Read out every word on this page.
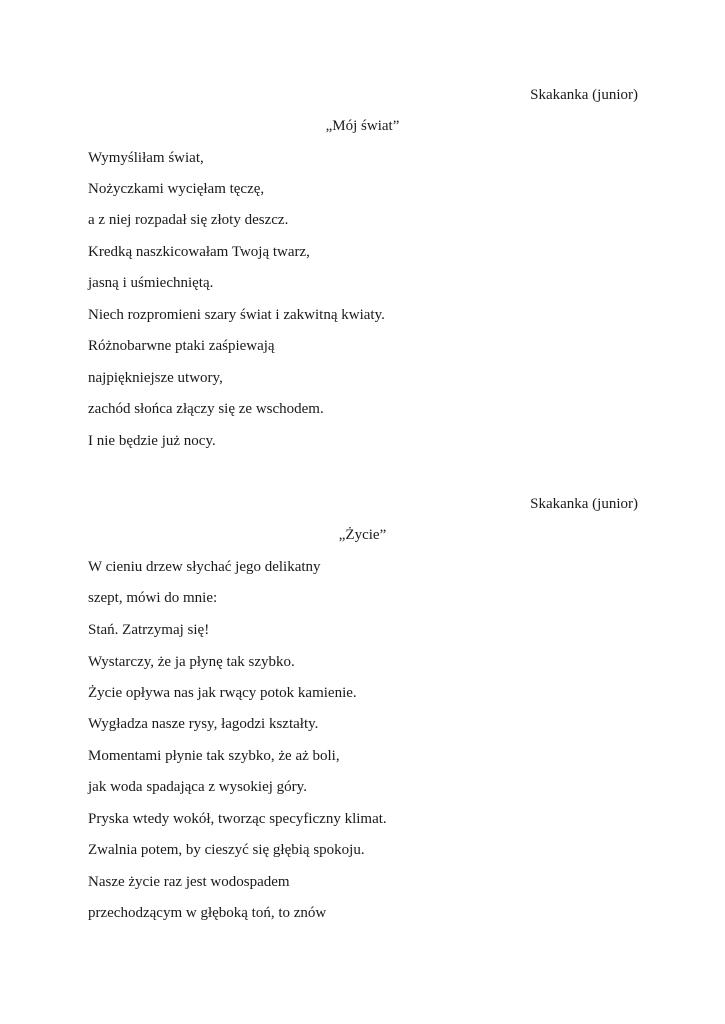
Skakanka (junior)
„Mój świat”
Wymyśliłam świat,
Nożyczkami wycięłam tęczę,
a z niej rozpadał się złoty deszcz.
Kredką naszkicowałam Twoją twarz,
jasną i uśmiechniętą.
Niech rozpromieni szary świat i zakwitną kwiaty.
Różnobarwne ptaki zaśpiewają
najpiękniejsze utwory,
zachód słońca złączy się ze wschodem.
I nie będzie już nocy.
Skakanka (junior)
„Życie”
W cieniu drzew słychać jego delikatny
szept, mówi do mnie:
Stań. Zatrzymaj się!
Wystarczy, że ja płynę tak szybko.
Życie opływa nas jak rwący potok kamienie.
Wygładza nasze rysy, łagodzi kształty.
Momentami płynie tak szybko, że aż boli,
jak woda spadająca z wysokiej góry.
Pryska wtedy wokół, tworząc specyficzny klimat.
Zwalnia potem, by cieszyć się głębią spokoju.
Nasze życie raz jest wodospadem
przechodzącym w głęboką toń, to znów
